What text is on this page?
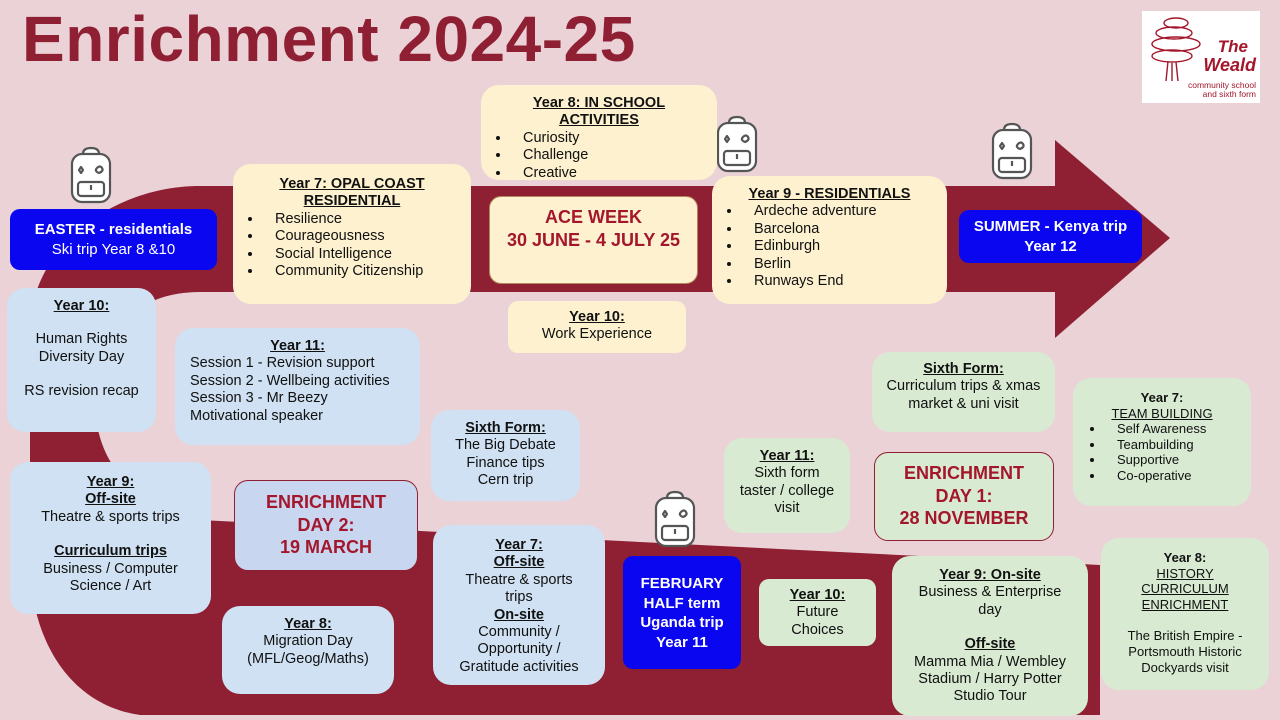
Enrichment 2024-25	The
Weald
community school
and sixth form
EASTER - residentials
Ski trip Year 8 &10
SUMMER - Kenya trip
Year 12
FEBRUARY
HALF term
Uganda trip
Year 11
Year 7: OPAL COAST
RESIDENTIAL
• Resilience
• Courageousness
• Social Intelligence
• Community Citizenship
Year 8: IN SCHOOL
ACTIVITIES
• Curiosity
• Challenge
• Creative
ACE WEEK
30 JUNE - 4 JULY 25
Year 9 - RESIDENTIALS
• Ardeche adventure
• Barcelona
• Edinburgh
• Berlin
• Runways End
Year 10:
Work Experience
Year 10:
Human Rights
Diversity Day
RS revision recap
Year 11:
Session 1 - Revision support
Session 2 - Wellbeing activities
Session 3 - Mr Beezy
Motivational speaker
Sixth Form:
The Big Debate
Finance tips
Cern trip
Year 9:
Off-site
Theatre & sports trips
Curriculum trips
Business / Computer
Science / Art
ENRICHMENT
DAY 2:
19 MARCH
Year 8:
Migration Day
(MFL/Geog/Maths)
Year 7:
Off-site
Theatre & sports
trips
On-site
Community /
Opportunity /
Gratitude activities
Year 10:
Future
Choices
Year 11:
Sixth form
taster / college
visit
Sixth Form:
Curriculum trips & xmas
market & uni visit
ENRICHMENT
DAY 1:
28 NOVEMBER
Year 7:
TEAM BUILDING
• Self Awareness
• Teambuilding
• Supportive
• Co-operative
Year 9: On-site
Business & Enterprise
day
Off-site
Mamma Mia / Wembley
Stadium / Harry Potter
Studio Tour
Year 8:
HISTORY
CURRICULUM
ENRICHMENT
The British Empire -
Portsmouth Historic
Dockyards visit
